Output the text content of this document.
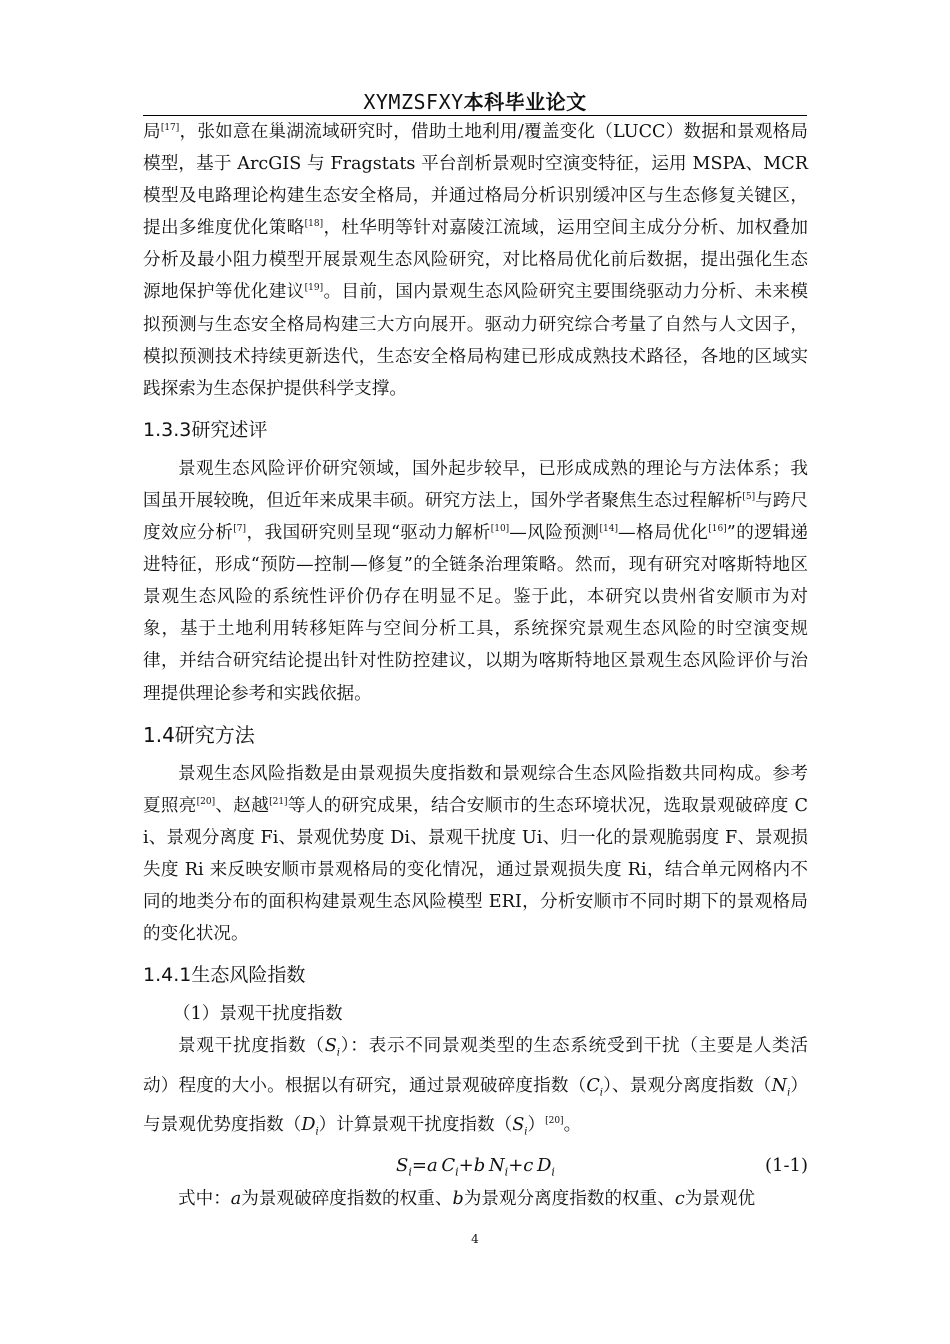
XYMZSFXY本科毕业论文

局[17]，张如意在巢湖流域研究时，借助土地利用/覆盖变化（LUCC）数据和景观格局模型，基于 ArcGIS 与 Fragstats 平台剖析景观时空演变特征，运用 MSPA、MCR 模型及电路理论构建生态安全格局，并通过格局分析识别缓冲区与生态修复关键区，提出多维度优化策略[18]，杜华明等针对嘉陵江流域，运用空间主成分分析、加权叠加分析及最小阻力模型开展景观生态风险研究，对比格局优化前后数据，提出强化生态源地保护等优化建议[19]。目前，国内景观生态风险研究主要围绕驱动力分析、未来模拟预测与生态安全格局构建三大方向展开。驱动力研究综合考量了自然与人文因子，模拟预测技术持续更新迭代，生态安全格局构建已形成成熟技术路径，各地的区域实践探索为生态保护提供科学支撑。

1.3.3研究述评

景观生态风险评价研究领域，国外起步较早，已形成成熟的理论与方法体系；我国虽开展较晚，但近年来成果丰硕。研究方法上，国外学者聚焦生态过程解析[5]与跨尺度效应分析[7]，我国研究则呈现“驱动力解析[10]—风险预测[14]—格局优化[16]”的逻辑递进特征，形成“预防—控制—修复”的全链条治理策略。然而，现有研究对喀斯特地区景观生态风险的系统性评价仍存在明显不足。鉴于此，本研究以贵州省安顺市为对象，基于土地利用转移矩阵与空间分析工具，系统探究景观生态风险的时空演变规律，并结合研究结论提出针对性防控建议，以期为喀斯特地区景观生态风险评价与治理提供理论参考和实践依据。

1.4研究方法

景观生态风险指数是由景观损失度指数和景观综合生态风险指数共同构成。参考夏照亮[20]、赵越[21]等人的研究成果，结合安顺市的生态环境状况，选取景观破碎度 Ci、景观分离度 Fi、景观优势度 Di、景观干扰度 Ui、归一化的景观脆弱度 F、景观损失度 Ri 来反映安顺市景观格局的变化情况，通过景观损失度 Ri，结合单元网格内不同的地类分布的面积构建景观生态风险模型 ERI，分析安顺市不同时期下的景观格局的变化状况。

1.4.1生态风险指数

（1）景观干扰度指数

景观干扰度指数$(S_i)$：表示不同景观类型的生态系统受到干扰（主要是人类活动）程度的大小。根据以有研究，通过景观破碎度指数$(C_i)$、景观分离度指数$(N_i)$与景观优势度指数$(D_i)$计算景观干扰度指数$(S_i)[20]$。

$S_i=a$  $C_i+b$  $N_i+c$  $D_i$	(1-1)

式中：a为景观破碎度指数的权重、b为景观分离度指数的权重、c为景观优

4
